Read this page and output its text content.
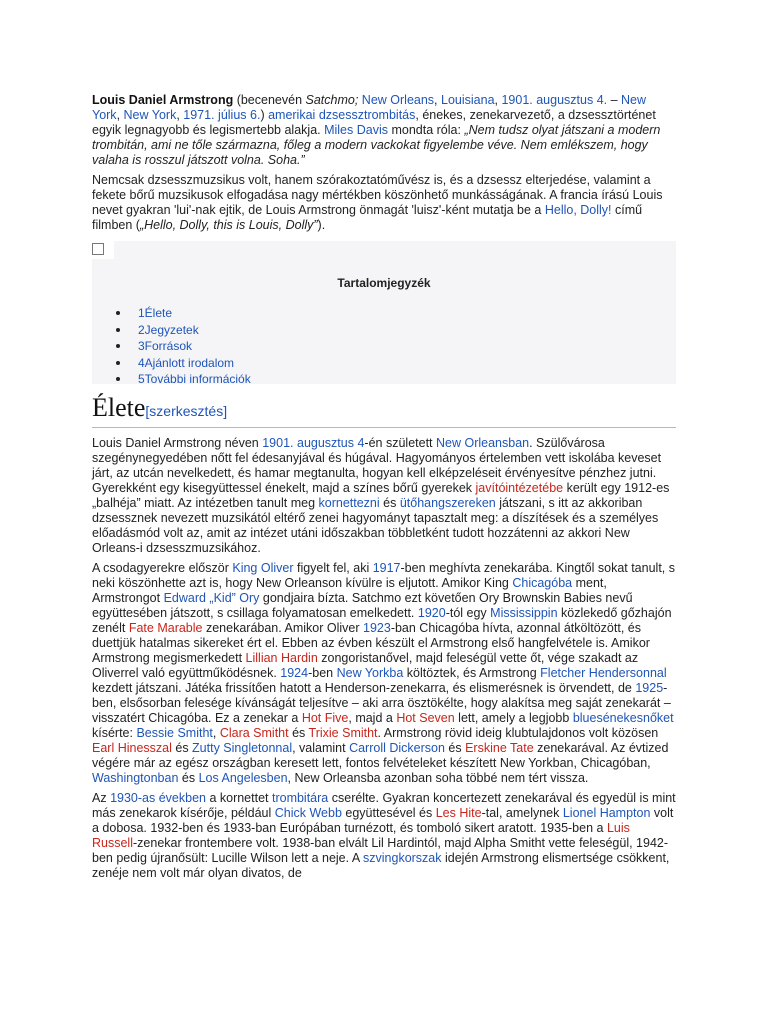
Louis Daniel Armstrong (becenevén Satchmo; New Orleans, Louisiana, 1901. augusztus 4. – New York, New York, 1971. július 6.) amerikai dzsessztrombitás, énekes, zenekarvezető, a dzsessztörténet egyik legnagyobb és legismertebb alakja. Miles Davis mondta róla: „Nem tudsz olyat játszani a modern trombitán, ami ne tőle származna, főleg a modern vackokat figyelembe véve. Nem emlékszem, hogy valaha is rosszul játszott volna. Soha.”

Nemcsak dzsesszmuzsikus volt, hanem szórakoztatóművész is, és a dzsessz elterjedése, valamint a fekete bőrű muzsikusok elfogadása nagy mértékben köszönhető munkásságának. A francia írású Louis nevet gyakran 'lui'-nak ejtik, de Louis Armstrong önmagát 'luisz'-ként mutatja be a Hello, Dolly! című filmben („Hello, Dolly, this is Louis, Dolly”).

Tartalomjegyzék
1Élete
2Jegyzetek
3Források
4Ajánlott irodalom
5További információk
Élete[szerkesztés]

Louis Daniel Armstrong néven 1901. augusztus 4-én született New Orleansban. Szülővárosa szegénynegyedében nőtt fel édesanyjával és húgával. Hagyományos értelemben vett iskolába keveset járt, az utcán nevelkedett, és hamar megtanulta, hogyan kell elképzeléseit érvényesítve pénzhez jutni. Gyerekként egy kisegyüttessel énekelt, majd a színes bőrű gyerekek javítóintézetébe került egy 1912-es „balhéja” miatt. Az intézetben tanult meg kornettezni és ütőhangszereken játszani, s itt az akkoriban dzsessznek nevezett muzsikától eltérő zenei hagyományt tapasztalt meg: a díszítések és a személyes előadásmód volt az, amit az intézet utáni időszakban többletként tudott hozzátenni az akkori New Orleans-i dzsesszmuzsikához.

A csodagyerekre először King Oliver figyelt fel, aki 1917-ben meghívta zenekarába. Kingtől sokat tanult, s neki köszönhette azt is, hogy New Orleanson kívülre is eljutott. Amikor King Chicagóba ment, Armstrongot Edward „Kid” Ory gondjaira bízta. Satchmo ezt követően Ory Brownskin Babies nevű együttesében játszott, s csillaga folyamatosan emelkedett. 1920-tól egy Mississippin közlekedő gőzhajón zenélt Fate Marable zenekarában. Amikor Oliver 1923-ban Chicagóba hívta, azonnal átköltözött, és duettjük hatalmas sikereket ért el. Ebben az évben készült el Armstrong első hangfelvétele is. Amikor Armstrong megismerkedett Lillian Hardin zongoristanővel, majd feleségül vette őt, vége szakadt az Oliverrel való együttműködésnek. 1924-ben New Yorkba költöztek, és Armstrong Fletcher Hendersonnal kezdett játszani. Játéka frissítően hatott a Henderson-zenekarra, és elismerésnek is örvendett, de 1925-ben, elsősorban felesége kívánságát teljesítve – aki arra ösztökélte, hogy alakítsa meg saját zenekarát – visszatért Chicagóba. Ez a zenekar a Hot Five, majd a Hot Seven lett, amely a legjobb bluesénekesnőket kísérte: Bessie Smitht, Clara Smitht és Trixie Smitht. Armstrong rövid ideig klubtulajdonos volt közösen Earl Hinesszal és Zutty Singletonnal, valamint Carroll Dickerson és Erskine Tate zenekarával. Az évtized végére már az egész országban keresett lett, fontos felvételeket készített New Yorkban, Chicagóban, Washingtonban és Los Angelesben, New Orleansba azonban soha többé nem tért vissza.

Az 1930-as években a kornettet trombitára cserélte. Gyakran koncertezett zenekarával és egyedül is mint más zenekarok kísérője, például Chick Webb együttesével és Les Hite-tal, amelynek Lionel Hampton volt a dobosa. 1932-ben és 1933-ban Európában turnézott, és tomboló sikert aratott. 1935-ben a Luis Russell-zenekar frontembere volt. 1938-ban elvált Lil Hardintól, majd Alpha Smitht vette feleségül, 1942-ben pedig újranősült: Lucille Wilson lett a neje. A szvingkorszak idején Armstrong elismertsége csökkent, zenéje nem volt már olyan divatos, de
